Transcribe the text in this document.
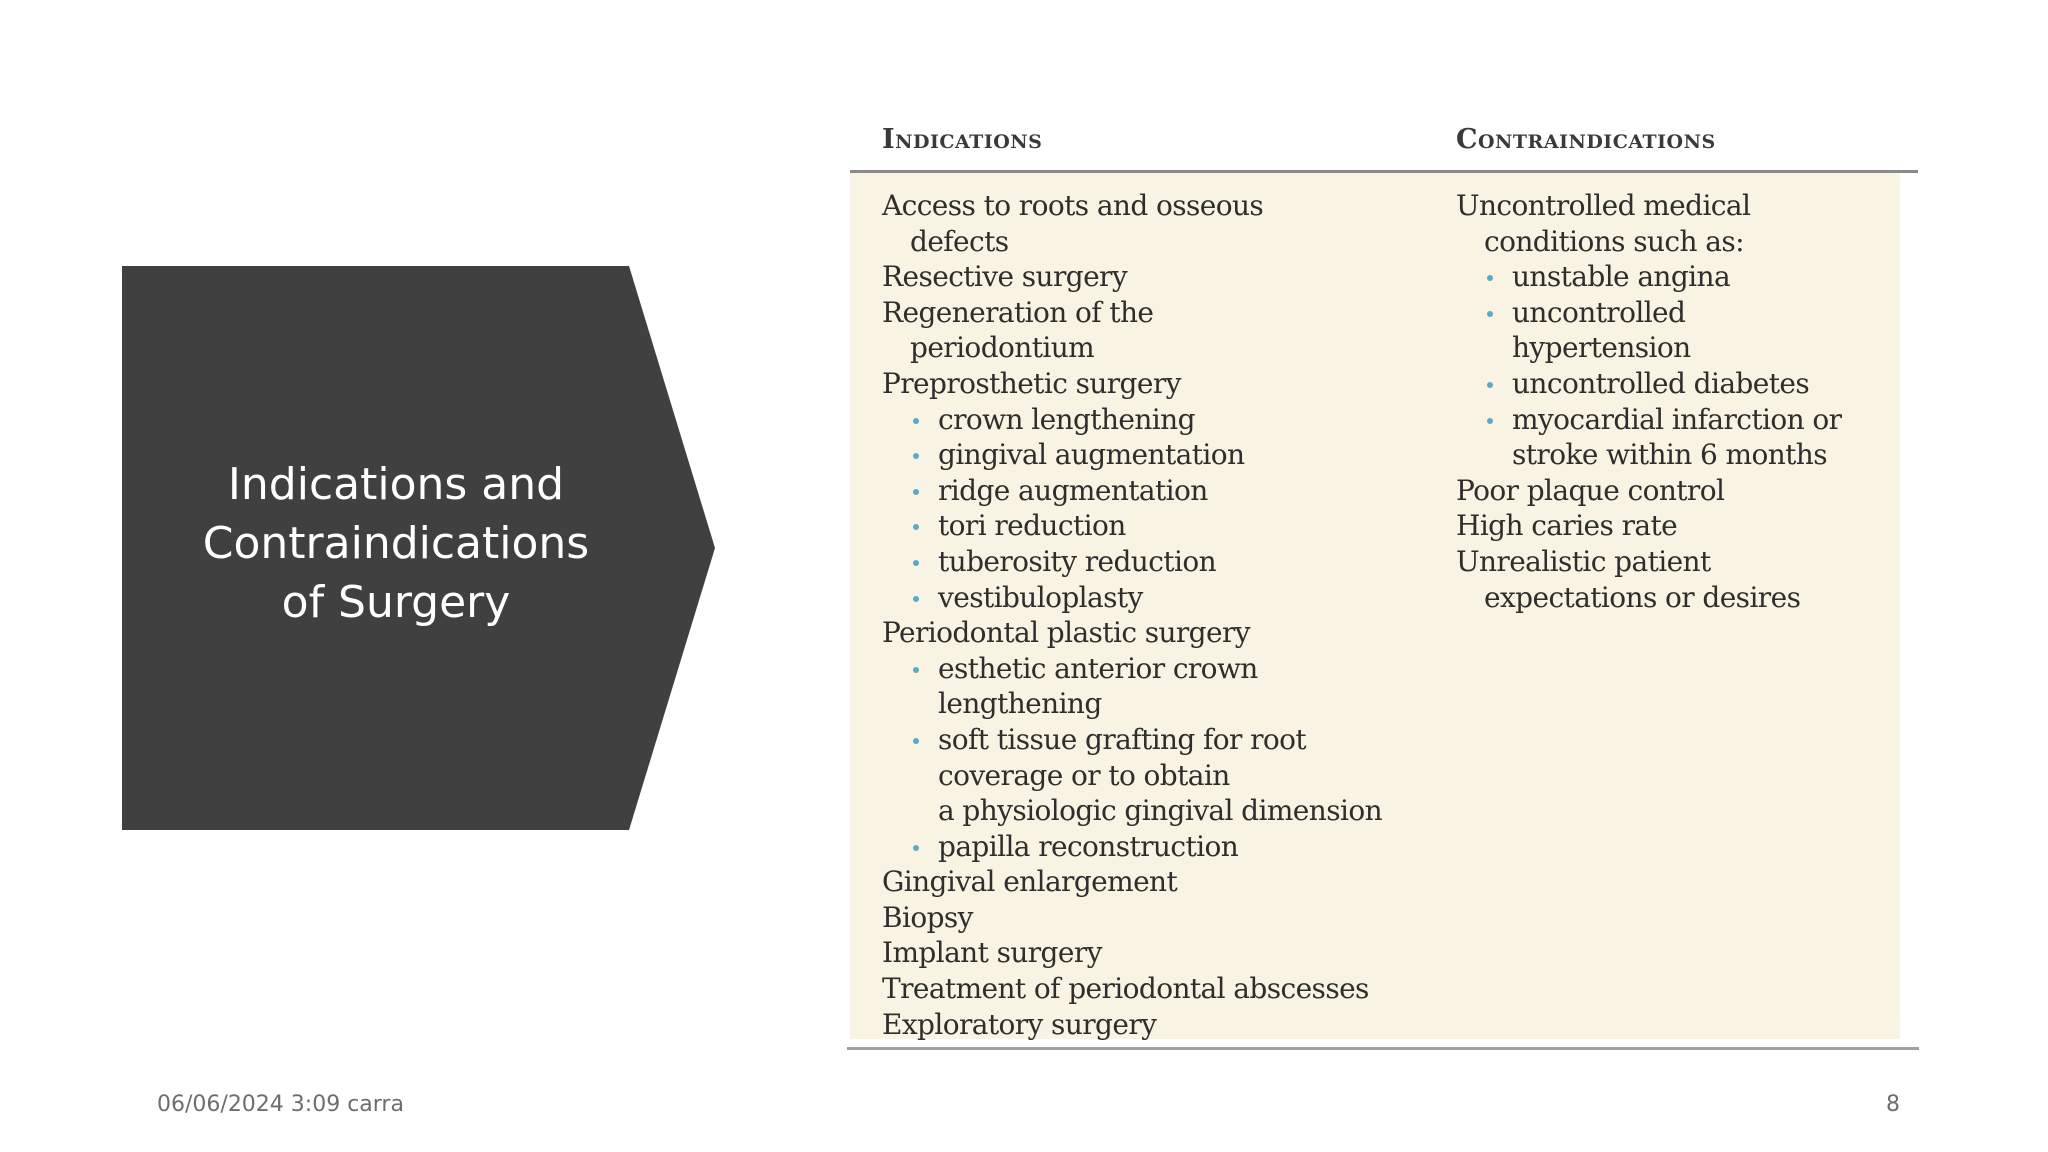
Indications and
Contraindications
of Surgery
Indications	Contraindications
Access to roots and osseous
defects
Resective surgery
Regeneration of the
periodontium
Preprosthetic surgery
crown lengthening
gingival augmentation
ridge augmentation
tori reduction
tuberosity reduction
vestibuloplasty
Periodontal plastic surgery
esthetic anterior crown
lengthening
soft tissue grafting for root
coverage or to obtain
a physiologic gingival dimension
papilla reconstruction
Gingival enlargement
Biopsy
Implant surgery
Treatment of periodontal abscesses
Exploratory surgery
Uncontrolled medical
conditions such as:
unstable angina
uncontrolled
hypertension
uncontrolled diabetes
myocardial infarction or
stroke within 6 months
Poor plaque control
High caries rate
Unrealistic patient
expectations or desires
06/06/2024 3:09 carra	8
